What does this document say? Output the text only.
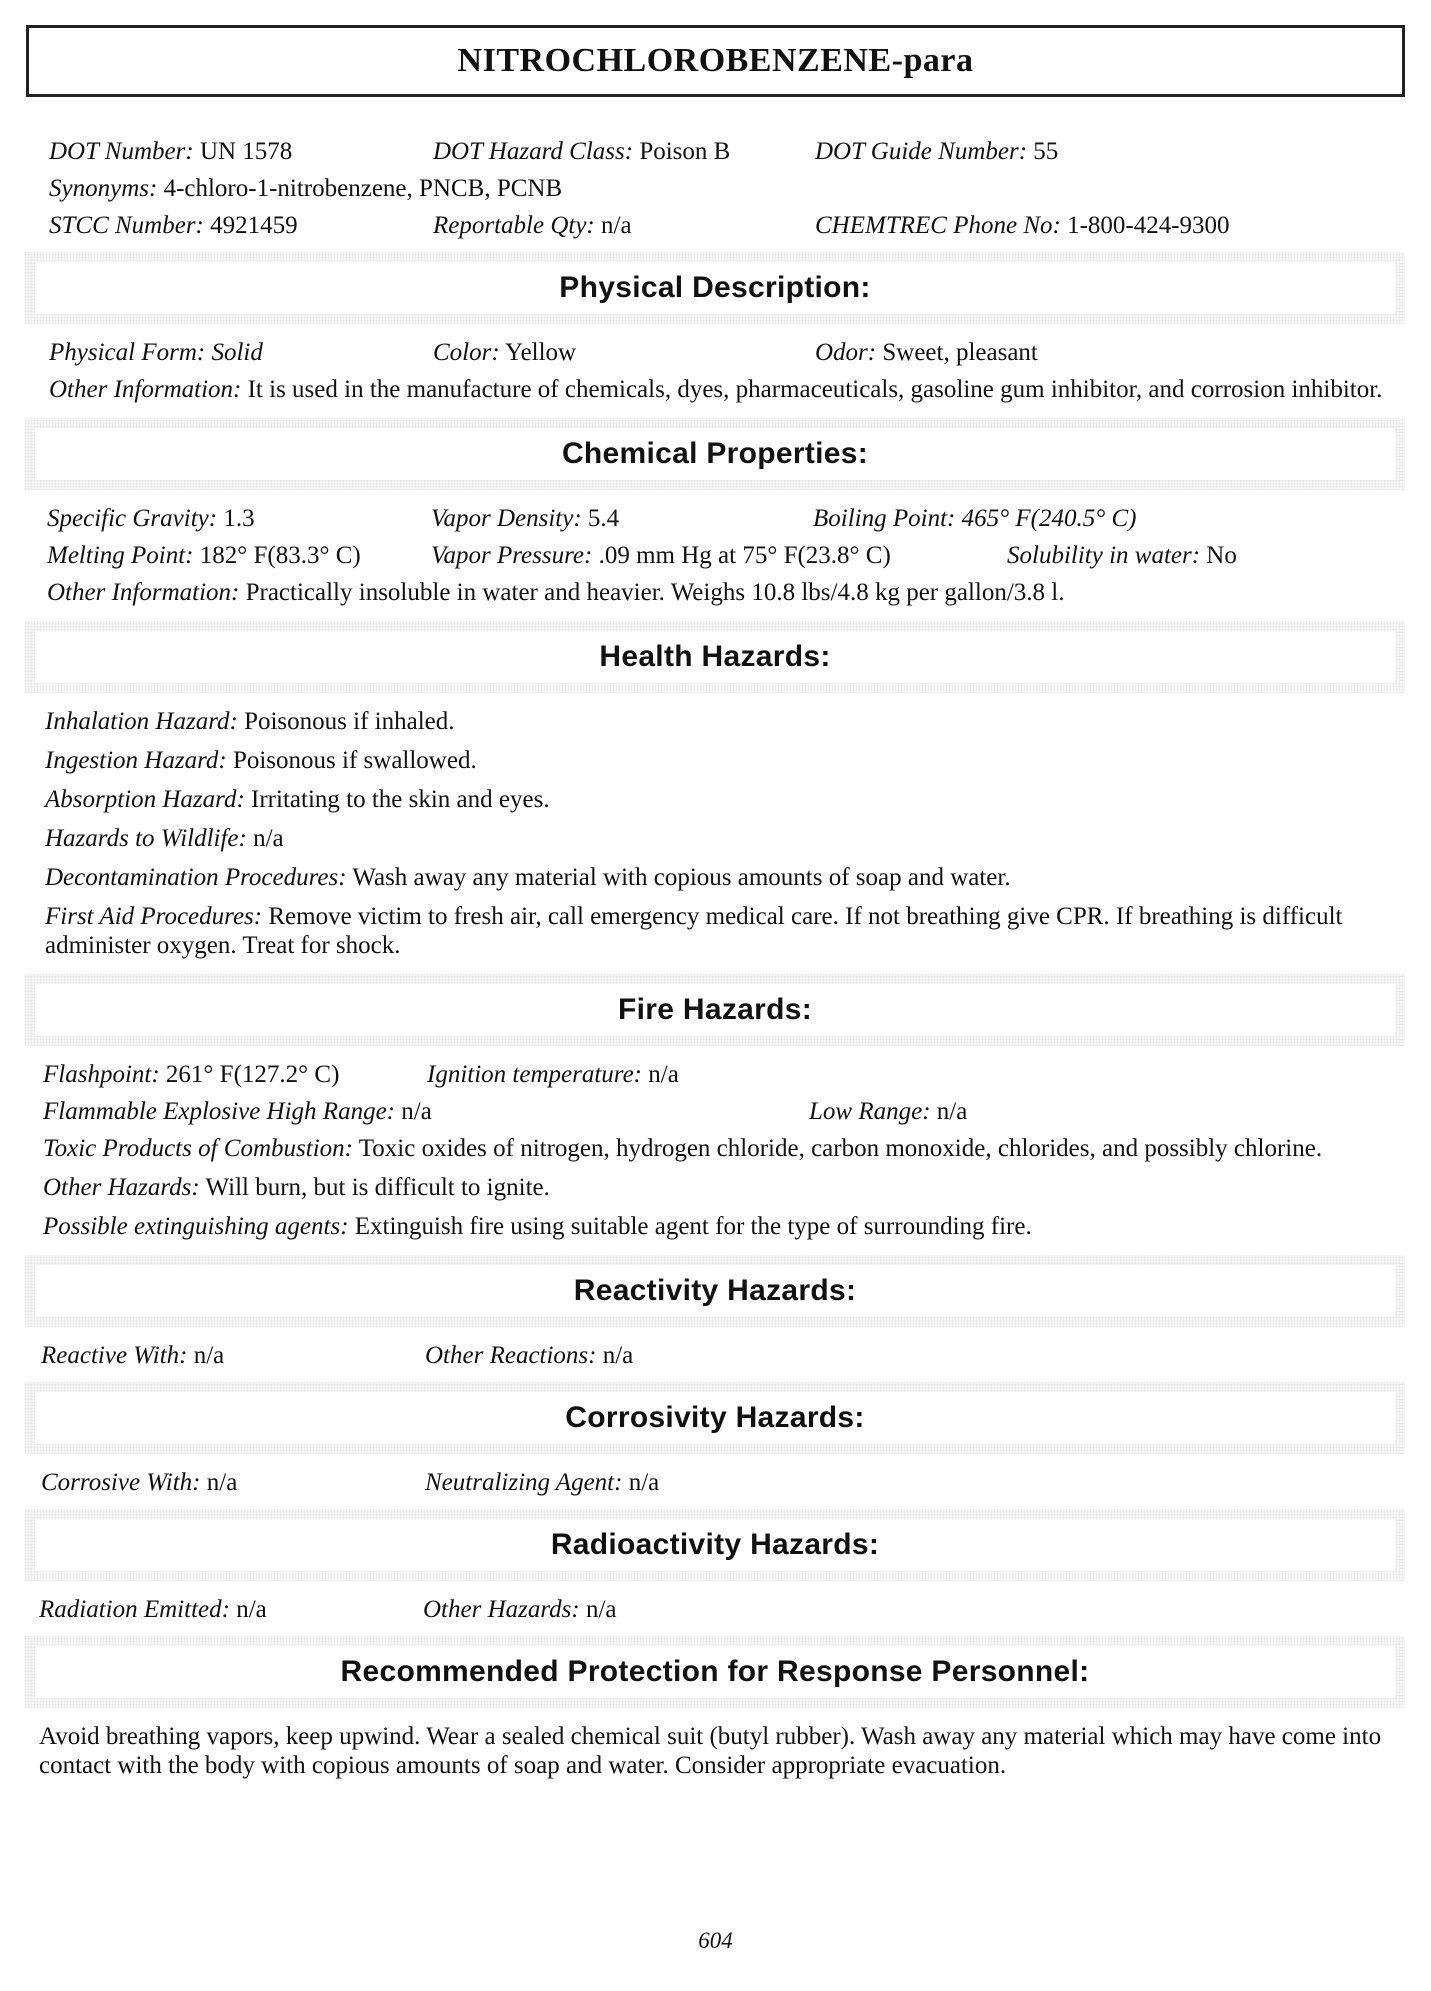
NITROCHLOROBENZENE-para
DOT Number: UN 1578	DOT Hazard Class: Poison B	DOT Guide Number: 55
Synonyms: 4-chloro-1-nitrobenzene, PNCB, PCNB
STCC Number: 4921459	Reportable Qty: n/a	CHEMTREC Phone No: 1-800-424-9300
Physical Description:
Physical Form: Solid	Color: Yellow	Odor: Sweet, pleasant
Other Information: It is used in the manufacture of chemicals, dyes, pharmaceuticals, gasoline gum inhibitor, and corrosion inhibitor.
Chemical Properties:
Specific Gravity: 1.3	Vapor Density: 5.4	Boiling Point: 465° F(240.5° C)
Melting Point: 182° F(83.3° C)	Vapor Pressure: .09 mm Hg at 75° F(23.8° C)	Solubility in water: No
Other Information: Practically insoluble in water and heavier. Weighs 10.8 lbs/4.8 kg per gallon/3.8 l.
Health Hazards:
Inhalation Hazard: Poisonous if inhaled.
Ingestion Hazard: Poisonous if swallowed.
Absorption Hazard: Irritating to the skin and eyes.
Hazards to Wildlife: n/a
Decontamination Procedures: Wash away any material with copious amounts of soap and water.
First Aid Procedures: Remove victim to fresh air, call emergency medical care. If not breathing give CPR. If breathing is difficult administer oxygen. Treat for shock.
Fire Hazards:
Flashpoint: 261° F(127.2° C)	Ignition temperature: n/a
Flammable Explosive High Range: n/a	Low Range: n/a
Toxic Products of Combustion: Toxic oxides of nitrogen, hydrogen chloride, carbon monoxide, chlorides, and possibly chlorine.
Other Hazards: Will burn, but is difficult to ignite.
Possible extinguishing agents: Extinguish fire using suitable agent for the type of surrounding fire.
Reactivity Hazards:
Reactive With: n/a	Other Reactions: n/a
Corrosivity Hazards:
Corrosive With: n/a	Neutralizing Agent: n/a
Radioactivity Hazards:
Radiation Emitted: n/a	Other Hazards: n/a
Recommended Protection for Response Personnel:
Avoid breathing vapors, keep upwind. Wear a sealed chemical suit (butyl rubber). Wash away any material which may have come into contact with the body with copious amounts of soap and water. Consider appropriate evacuation.
604
